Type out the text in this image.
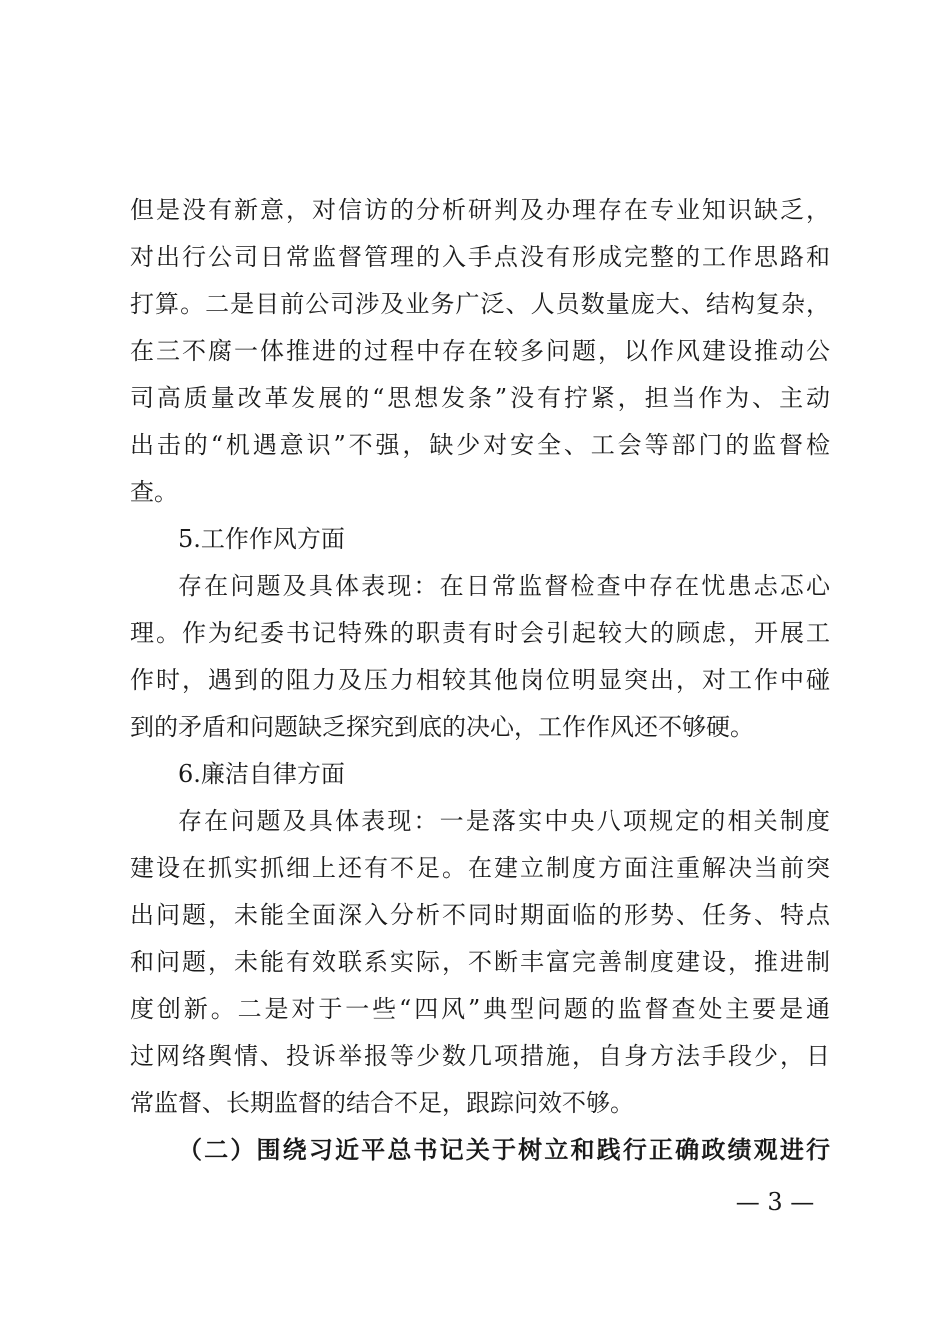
但是没有新意，对信访的分析研判及办理存在专业知识缺乏，
对出行公司日常监督管理的入手点没有形成完整的工作思路和
打算。二是目前公司涉及业务广泛、人员数量庞大、结构复杂，
在三不腐一体推进的过程中存在较多问题，以作风建设推动公
司高质量改革发展的“思想发条”没有拧紧，担当作为、主动
出击的“机遇意识”不强，缺少对安全、工会等部门的监督检
查。
5.工作作风方面
存在问题及具体表现：在日常监督检查中存在忧患忐忑心
理。作为纪委书记特殊的职责有时会引起较大的顾虑，开展工
作时，遇到的阻力及压力相较其他岗位明显突出，对工作中碰
到的矛盾和问题缺乏探究到底的决心，工作作风还不够硬。
6.廉洁自律方面
存在问题及具体表现：一是落实中央八项规定的相关制度
建设在抓实抓细上还有不足。在建立制度方面注重解决当前突
出问题，未能全面深入分析不同时期面临的形势、任务、特点
和问题，未能有效联系实际，不断丰富完善制度建设，推进制
度创新。二是对于一些“四风”典型问题的监督查处主要是通
过网络舆情、投诉举报等少数几项措施，自身方法手段少，日
常监督、长期监督的结合不足，跟踪问效不够。
（二）围绕习近平总书记关于树立和践行正确政绩观进行
— 3 —
